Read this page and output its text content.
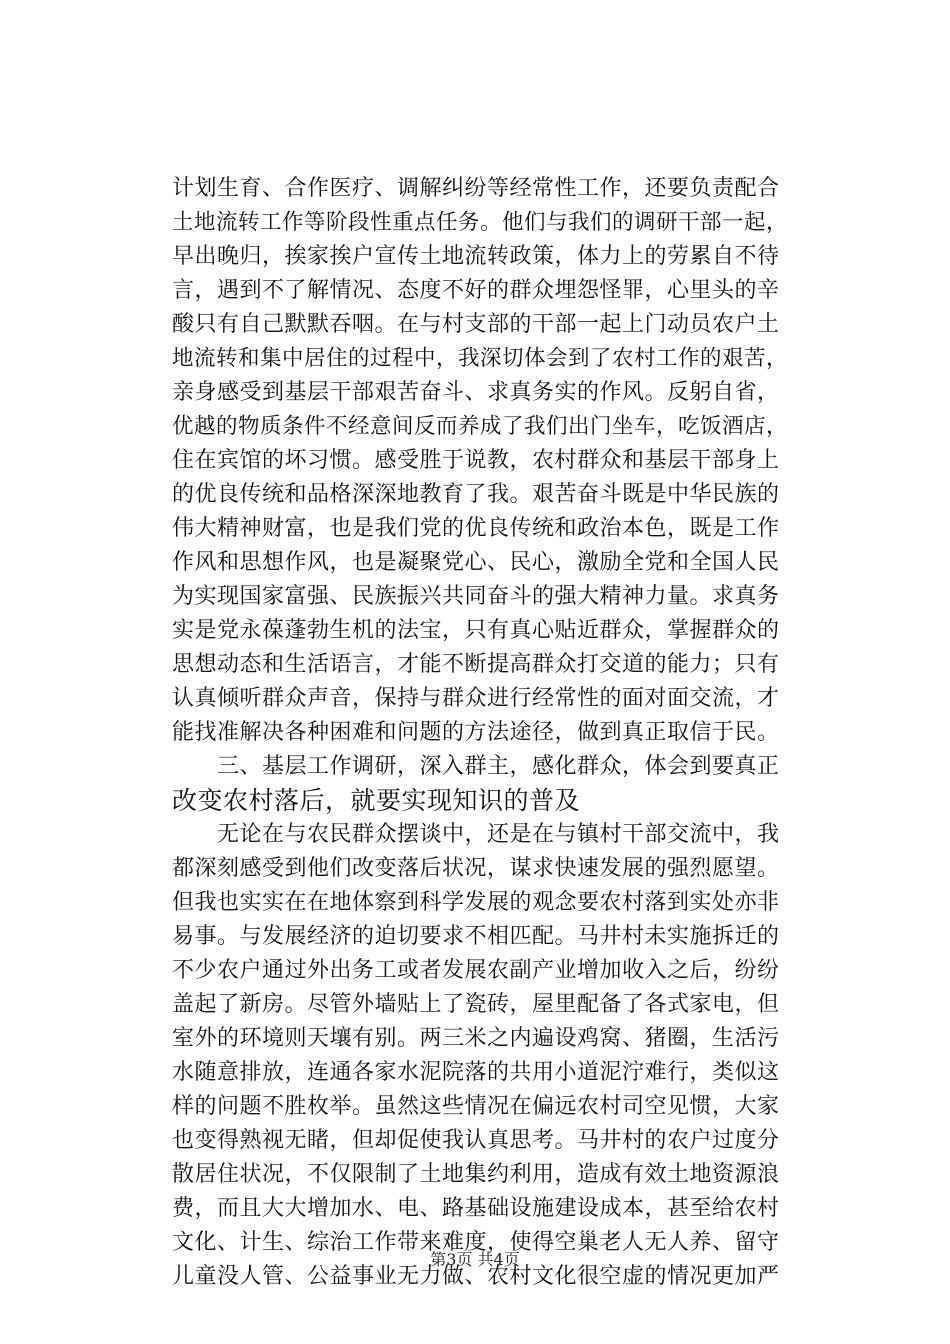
计划生育、合作医疗、调解纠纷等经常性工作，还要负责配合
土地流转工作等阶段性重点任务。他们与我们的调研干部一起，
早出晚归，挨家挨户宣传土地流转政策，体力上的劳累自不待
言，遇到不了解情况、态度不好的群众埋怨怪罪，心里头的辛
酸只有自己默默吞咽。在与村支部的干部一起上门动员农户土
地流转和集中居住的过程中，我深切体会到了农村工作的艰苦，
亲身感受到基层干部艰苦奋斗、求真务实的作风。反躬自省，
优越的物质条件不经意间反而养成了我们出门坐车，吃饭酒店，
住在宾馆的坏习惯。感受胜于说教，农村群众和基层干部身上
的优良传统和品格深深地教育了我。艰苦奋斗既是中华民族的
伟大精神财富，也是我们党的优良传统和政治本色，既是工作
作风和思想作风，也是凝聚党心、民心，激励全党和全国人民
为实现国家富强、民族振兴共同奋斗的强大精神力量。求真务
实是党永葆蓬勃生机的法宝，只有真心贴近群众，掌握群众的
思想动态和生活语言，才能不断提高群众打交道的能力；只有
认真倾听群众声音，保持与群众进行经常性的面对面交流，才
能找准解决各种困难和问题的方法途径，做到真正取信于民。
　　三、基层工作调研，深入群主，感化群众，体会到要真正
改变农村落后，就要实现知识的普及
　　无论在与农民群众摆谈中，还是在与镇村干部交流中，我
都深刻感受到他们改变落后状况，谋求快速发展的强烈愿望。
但我也实实在在地体察到科学发展的观念要农村落到实处亦非
易事。与发展经济的迫切要求不相匹配。马井村未实施拆迁的
不少农户通过外出务工或者发展农副产业增加收入之后，纷纷
盖起了新房。尽管外墙贴上了瓷砖，屋里配备了各式家电，但
室外的环境则天壤有别。两三米之内遍设鸡窝、猪圈，生活污
水随意排放，连通各家水泥院落的共用小道泥泞难行，类似这
样的问题不胜枚举。虽然这些情况在偏远农村司空见惯，大家
也变得熟视无睹，但却促使我认真思考。马井村的农户过度分
散居住状况，不仅限制了土地集约利用，造成有效土地资源浪
费，而且大大增加水、电、路基础设施建设成本，甚至给农村
文化、计生、综治工作带来难度，使得空巢老人无人养、留守
儿童没人管、公益事业无力做、农村文化很空虚的情况更加严
第3页 共4页
